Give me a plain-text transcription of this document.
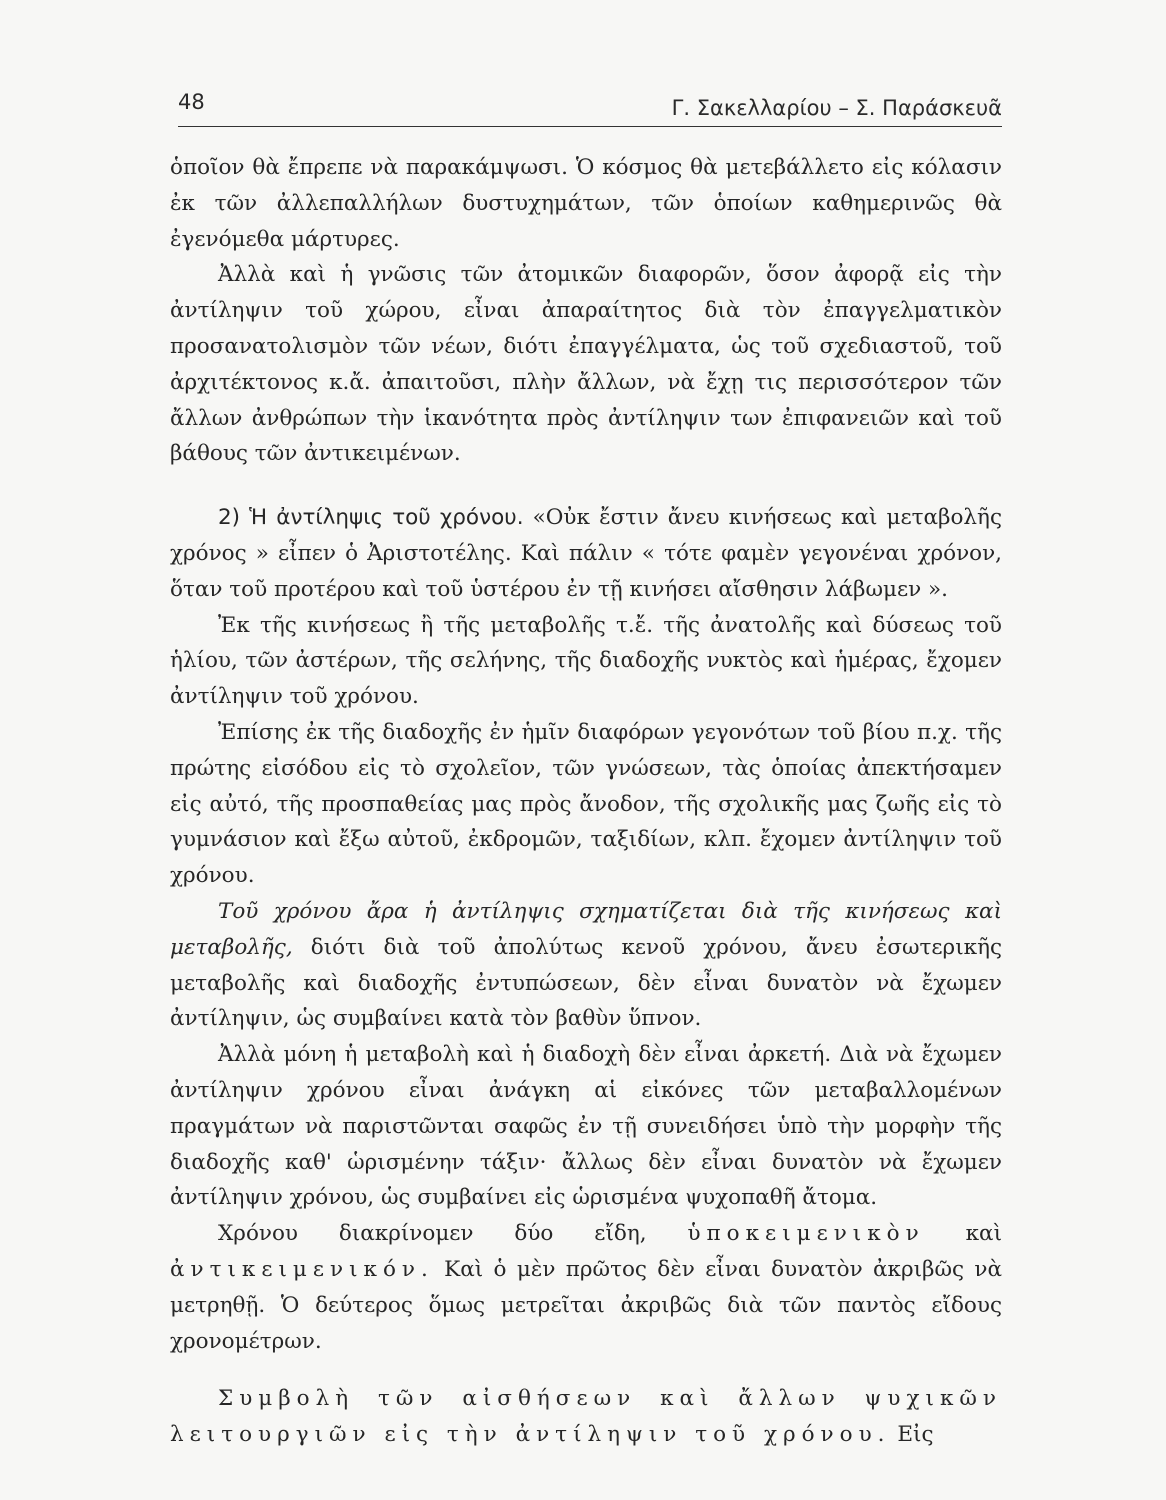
48	Γ. Σακελλαρίου – Σ. Παράσκευᾶ

ὁποῖον θὰ ἔπρεπε νὰ παρακάμψωσι. Ὁ κόσμος θὰ μετεβάλλετο εἰς κόλασιν ἐκ τῶν ἀλλεπαλλήλων δυστυχημάτων, τῶν ὁποίων καθημερινῶς θὰ ἐγενόμεθα μάρτυρες.

Ἀλλὰ καὶ ἡ γνῶσις τῶν ἀτομικῶν διαφορῶν, ὅσον ἀφορᾷ εἰς τὴν ἀντίληψιν τοῦ χώρου, εἶναι ἀπαραίτητος διὰ τὸν ἐπαγγελματικὸν προσανατολισμὸν τῶν νέων, διότι ἐπαγγέλματα, ὡς τοῦ σχεδιαστοῦ, τοῦ ἀρχιτέκτονος κ.ἄ. ἀπαιτοῦσι, πλὴν ἄλλων, νὰ ἔχῃ τις περισσότερον τῶν ἄλλων ἀνθρώπων τὴν ἱκανότητα πρὸς ἀντίληψιν των ἐπιφανειῶν καὶ τοῦ βάθους τῶν ἀντικειμένων.

2) Ἡ ἀντίληψις τοῦ χρόνου. «Οὐκ ἔστιν ἄνευ κινήσεως καὶ μεταβολῆς χρόνος » εἶπεν ὁ Ἀριστοτέλης. Καὶ πάλιν « τότε φαμὲν γεγονέναι χρόνον, ὅταν τοῦ προτέρου καὶ τοῦ ὑστέρου ἐν τῇ κινήσει αἴσθησιν λάβωμεν ».

Ἐκ τῆς κινήσεως ἢ τῆς μεταβολῆς τ.ἔ. τῆς ἀνατολῆς καὶ δύσεως τοῦ ἡλίου, τῶν ἀστέρων, τῆς σελήνης, τῆς διαδοχῆς νυκτὸς καὶ ἡμέρας, ἔχομεν ἀντίληψιν τοῦ χρόνου.

Ἐπίσης ἐκ τῆς διαδοχῆς ἐν ἡμῖν διαφόρων γεγονότων τοῦ βίου π.χ. τῆς πρώτης εἰσόδου εἰς τὸ σχολεῖον, τῶν γνώσεων, τὰς ὁποίας ἀπεκτήσαμεν εἰς αὐτό, τῆς προσπαθείας μας πρὸς ἄνοδον, τῆς σχολικῆς μας ζωῆς εἰς τὸ γυμνάσιον καὶ ἔξω αὐτοῦ, ἐκδρομῶν, ταξιδίων, κλπ. ἔχομεν ἀντίληψιν τοῦ χρόνου.

Τοῦ χρόνου ἄρα ἡ ἀντίληψις σχηματίζεται διὰ τῆς κινήσεως καὶ μεταβολῆς, διότι διὰ τοῦ ἀπολύτως κενοῦ χρόνου, ἄνευ ἐσωτερικῆς μεταβολῆς καὶ διαδοχῆς ἐντυπώσεων, δὲν εἶναι δυνατὸν νὰ ἔχωμεν ἀντίληψιν, ὡς συμβαίνει κατὰ τὸν βαθὺν ὕπνον.

Ἀλλὰ μόνη ἡ μεταβολὴ καὶ ἡ διαδοχὴ δὲν εἶναι ἀρκετή. Διὰ νὰ ἔχωμεν ἀντίληψιν χρόνου εἶναι ἀνάγκη αἱ εἰκόνες τῶν μεταβαλλομένων πραγμάτων νὰ παριστῶνται σαφῶς ἐν τῇ συνειδήσει ὑπὸ τὴν μορφὴν τῆς διαδοχῆς καθ' ὡρισμένην τάξιν· ἄλλως δὲν εἶναι δυνατὸν νὰ ἔχωμεν ἀντίληψιν χρόνου, ὡς συμβαίνει εἰς ὡρισμένα ψυχοπαθῆ ἄτομα.

Χρόνου διακρίνομεν δύο εἴδη, ὑποκειμενικὸν καὶ ἀντικειμενικόν. Καὶ ὁ μὲν πρῶτος δὲν εἶναι δυνατὸν ἀκριβῶς νὰ μετρηθῇ. Ὁ δεύτερος ὅμως μετρεῖται ἀκριβῶς διὰ τῶν παντὸς εἴδους χρονομέτρων.

Συμβολὴ τῶν αἰσθήσεων καὶ ἄλλων ψυχικῶν λειτουργιῶν εἰς τὴν ἀντίληψιν τοῦ χρόνου. Εἰς
